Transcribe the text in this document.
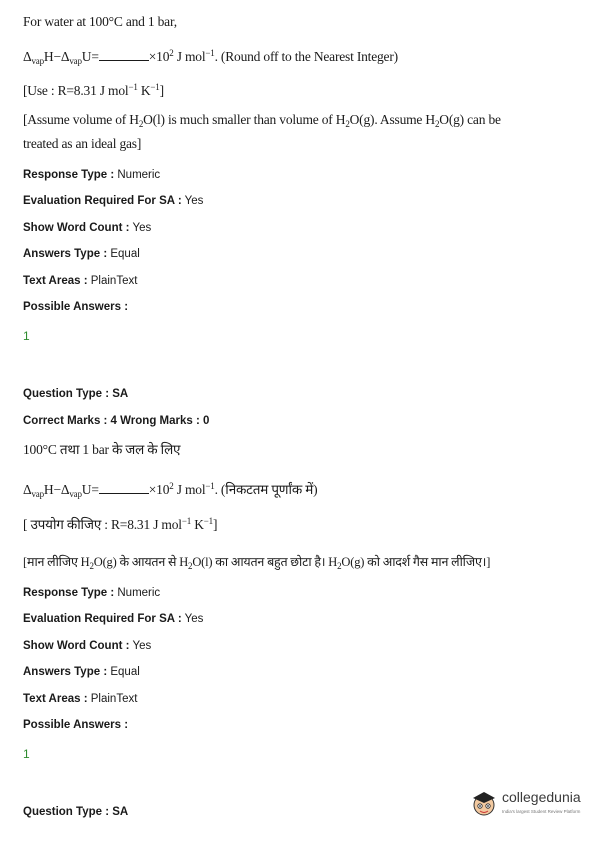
For water at 100°C and 1 bar,
$\Delta_{vap}H-\Delta_{vap}U=$	$\times 10^2$ J mol$^{-1}$. (Round off to the Nearest Integer)
[Use : R=8.31 J mol$^{-1}$ $K^{-1}$]
[Assume volume of $H_2O(l)$ is much smaller than volume of $H_2O(g)$. Assume $H_2O(g)$ can be
treated as an ideal gas]
Response Type : Numeric
Evaluation Required For SA : Yes
Show Word Count : Yes
Answers Type : Equal
Text Areas : PlainText
Possible Answers :
1
Question Type : SA
Correct Marks : 4 Wrong Marks : 0
100°C तथा 1 bar के जल के लिए
$\Delta_{vap}H-\Delta_{vap}U=$	$\times 10^2$ J mol$^{-1}$. (निकटतम पूर्णांक में)
[ उपयोग कीजिए : R=8.31 J mol$^{-1}$ $K^{-1}$]
[मान लीजिए $H_2O(g)$ के आयतन से $H_2O(l)$ का आयतन बहुत छोटा है। $H_2O(g)$ को आदर्श गैस मान लीजिए।]
Response Type : Numeric
Evaluation Required For SA : Yes
Show Word Count : Yes
Answers Type : Equal
Text Areas : PlainText
Possible Answers :
1
Question Type : SA
collegedunia
India's largest Student Review Platform
